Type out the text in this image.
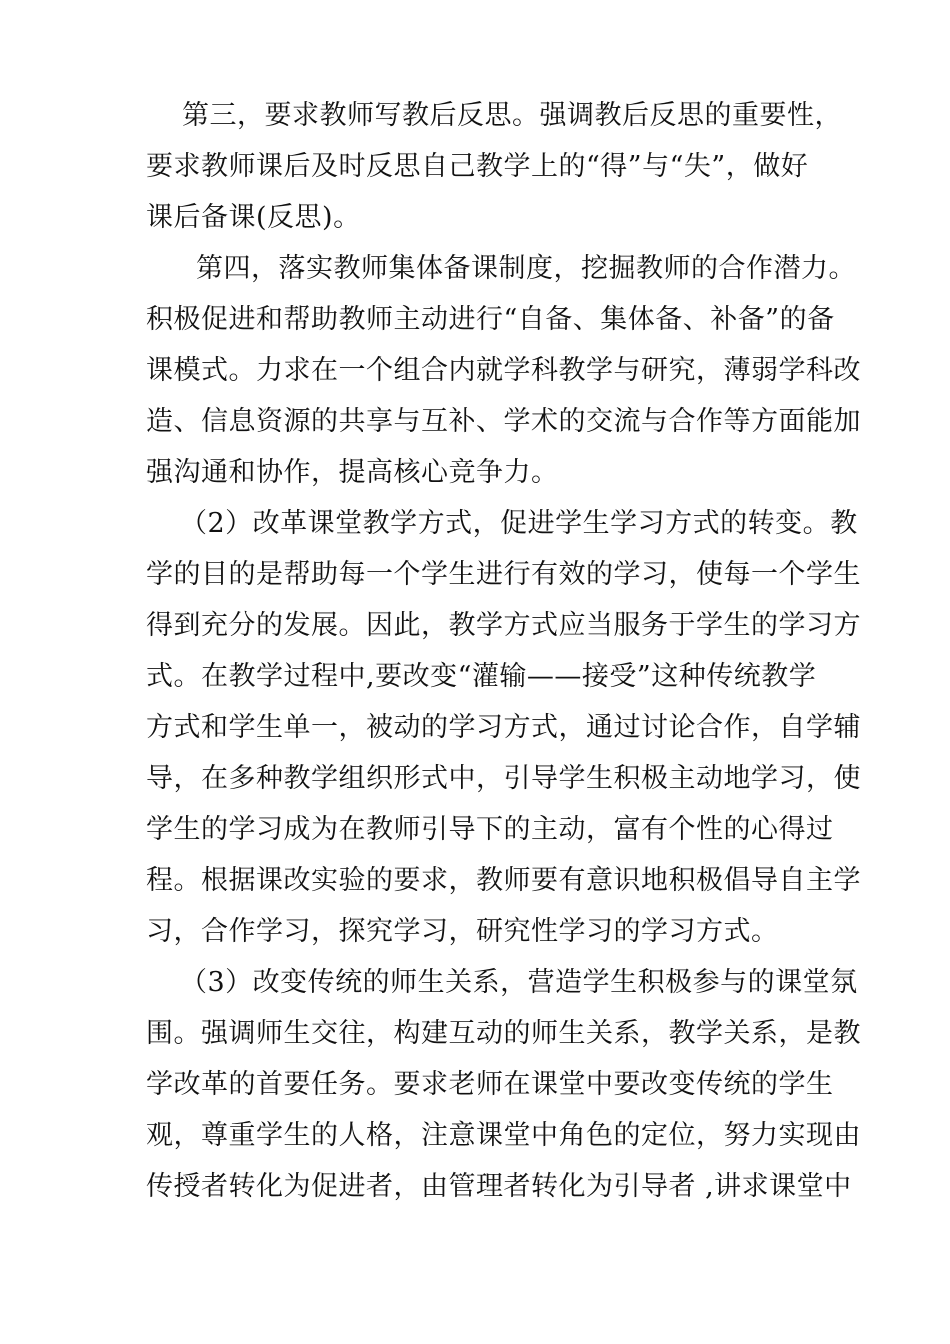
第三，要求教师写教后反思。强调教后反思的重要性，

要求教师课后及时反思自己教学上的“得”与“失”，做好

课后备课(反思)。

第四，落实教师集体备课制度，挖掘教师的合作潜力。

积极促进和帮助教师主动进行“自备、集体备、补备”的备

课模式。力求在一个组合内就学科教学与研究，薄弱学科改

造、信息资源的共享与互补、学术的交流与合作等方面能加

强沟通和协作，提高核心竞争力。

（2）改革课堂教学方式，促进学生学习方式的转变。教

学的目的是帮助每一个学生进行有效的学习，使每一个学生

得到充分的发展。因此，教学方式应当服务于学生的学习方

式。在教学过程中,要改变“灌输——接受”这种传统教学

方式和学生单一，被动的学习方式，通过讨论合作，自学辅

导，在多种教学组织形式中，引导学生积极主动地学习，使

学生的学习成为在教师引导下的主动，富有个性的心得过

程。根据课改实验的要求，教师要有意识地积极倡导自主学

习，合作学习，探究学习，研究性学习的学习方式。

（3）改变传统的师生关系，营造学生积极参与的课堂氛

围。强调师生交往，构建互动的师生关系，教学关系，是教

学改革的首要任务。要求老师在课堂中要改变传统的学生

观，尊重学生的人格，注意课堂中角色的定位，努力实现由

传授者转化为促进者，由管理者转化为引导者 ,讲求课堂中
